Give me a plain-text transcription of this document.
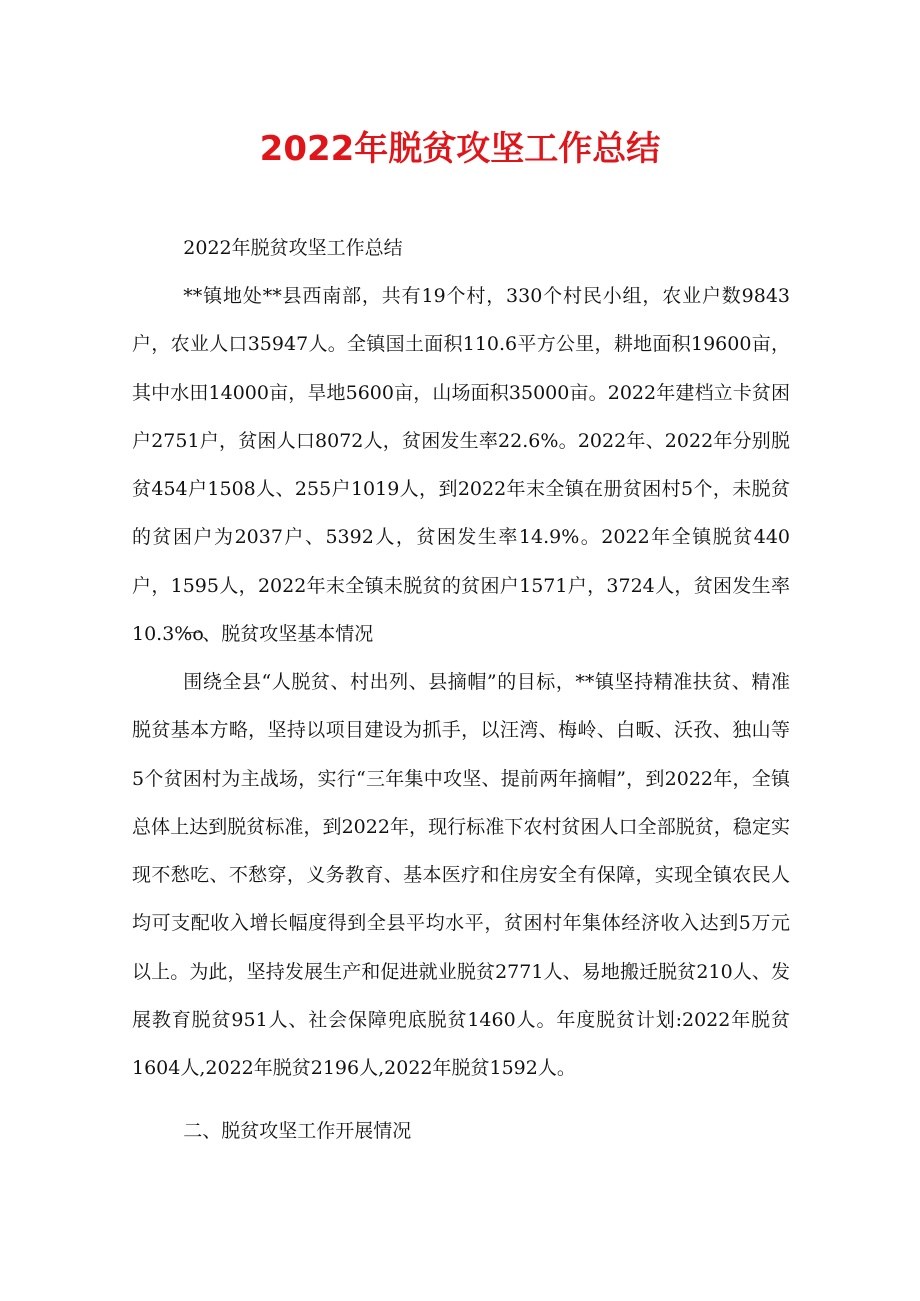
2022年脱贫攻坚工作总结

2022年脱贫攻坚工作总结

**镇地处**县西南部，共有19个村，330个村民小组，农业户数9843户，农业人口35947人。全镇国土面积110.6平方公里，耕地面积19600亩，其中水田14000亩，旱地5600亩，山场面积35000亩。2022年建档立卡贫困户2751户，贫困人口8072人，贫困发生率22.6%。2022年、2022年分别脱贫454户1508人、255户1019人，到2022年末全镇在册贫困村5个，未脱贫的贫困户为2037户、5392人，贫困发生率14.9%。2022年全镇脱贫440户，1595人，2022年末全镇未脱贫的贫困户1571户，3724人，贫困发生率10.3%o

一、脱贫攻坚基本情况

围绕全县“人脱贫、村出列、县摘帽”的目标，**镇坚持精准扶贫、精准脱贫基本方略，坚持以项目建设为抓手，以汪湾、梅岭、白畈、沃孜、独山等5个贫困村为主战场，实行“三年集中攻坚、提前两年摘帽”，到2022年，全镇总体上达到脱贫标准，到2022年，现行标准下农村贫困人口全部脱贫，稳定实现不愁吃、不愁穿，义务教育、基本医疗和住房安全有保障，实现全镇农民人均可支配收入增长幅度得到全县平均水平，贫困村年集体经济收入达到5万元以上。为此，坚持发展生产和促进就业脱贫2771人、易地搬迁脱贫210人、发展教育脱贫951人、社会保障兜底脱贫1460人。年度脱贫计划:2022年脱贫1604人,2022年脱贫2196人,2022年脱贫1592人。

二、脱贫攻坚工作开展情况
